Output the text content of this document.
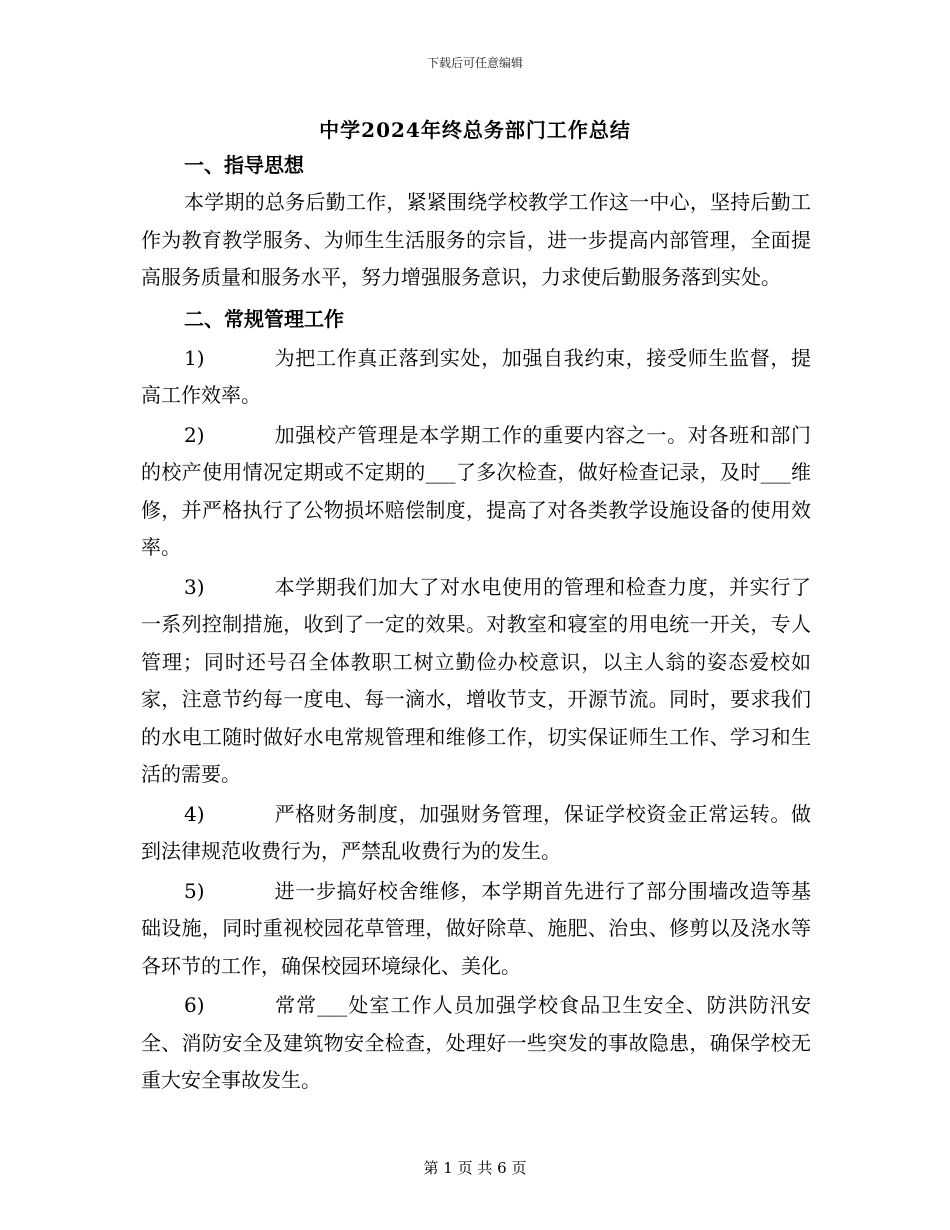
下载后可任意编辑
中学2024年终总务部门工作总结

一、指导思想

本学期的总务后勤工作，紧紧围绕学校教学工作这一中心，坚持后勤工作为教育教学服务、为师生生活服务的宗旨，进一步提高内部管理，全面提高服务质量和服务水平，努力增强服务意识，力求使后勤服务落到实处。

二、常规管理工作

1)	为把工作真正落到实处，加强自我约束，接受师生监督，提高工作效率。

2)	加强校产管理是本学期工作的重要内容之一。对各班和部门的校产使用情况定期或不定期的___了多次检查，做好检查记录，及时___维修，并严格执行了公物损坏赔偿制度，提高了对各类教学设施设备的使用效率。

3)	本学期我们加大了对水电使用的管理和检查力度，并实行了一系列控制措施，收到了一定的效果。对教室和寝室的用电统一开关，专人管理；同时还号召全体教职工树立勤俭办校意识，以主人翁的姿态爱校如家，注意节约每一度电、每一滴水，增收节支，开源节流。同时，要求我们的水电工随时做好水电常规管理和维修工作，切实保证师生工作、学习和生活的需要。

4)	严格财务制度，加强财务管理，保证学校资金正常运转。做到法律规范收费行为，严禁乱收费行为的发生。

5)	进一步搞好校舍维修，本学期首先进行了部分围墙改造等基础设施，同时重视校园花草管理，做好除草、施肥、治虫、修剪以及浇水等各环节的工作，确保校园环境绿化、美化。

6)	常常___处室工作人员加强学校食品卫生安全、防洪防汛安全、消防安全及建筑物安全检查，处理好一些突发的事故隐患，确保学校无重大安全事故发生。

第 1 页 共 6 页
